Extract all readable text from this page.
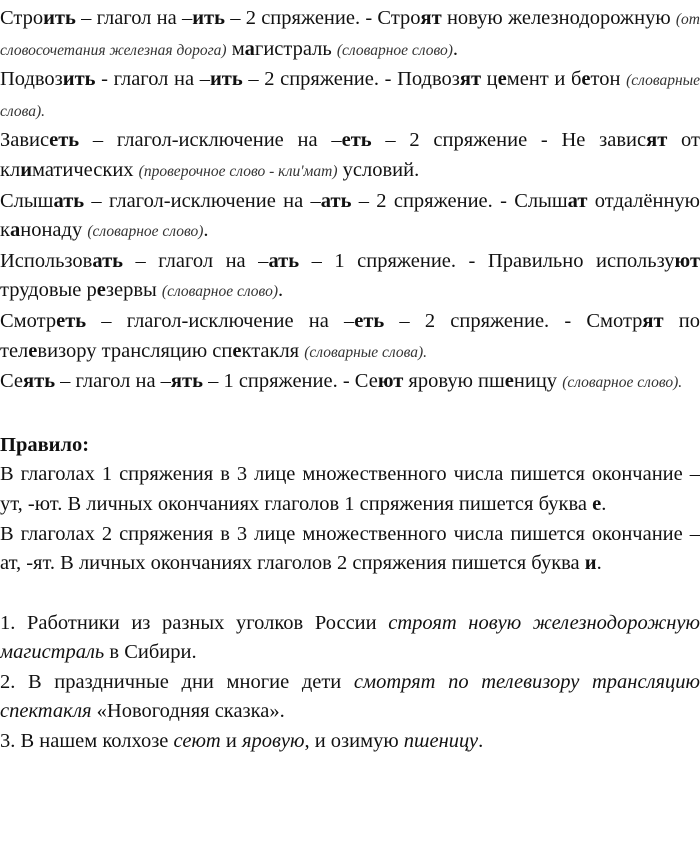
Строить – глагол на –ить – 2 спряжение. - Строят новую железнодорожную (от словосочетания железная дорога) магистраль (словарное слово).

Подвозить - глагол на –ить – 2 спряжение. - Подвозят цемент и бетон (словарные слова).

Зависеть – глагол-исключение на –еть – 2 спряжение - Не зависят от климатических (проверочное слово - кли'мат) условий.

Слышать – глагол-исключение на –ать – 2 спряжение. - Слышат отдалённую канонаду (словарное слово).

Использовать – глагол на –ать – 1 спряжение. - Правильно используют трудовые резервы (словарное слово).

Смотреть – глагол-исключение на –еть – 2 спряжение. - Смотрят по телевизору трансляцию спектакля (словарные слова).

Сеять – глагол на –ять – 1 спряжение. - Сеют яровую пшеницу (словарное слово).

Правило:

В глаголах 1 спряжения в 3 лице множественного числа пишется окончание –ут, -ют. В личных окончаниях глаголов 1 спряжения пишется буква е.

В глаголах 2 спряжения в 3 лице множественного числа пишется окончание –ат, -ят. В личных окончаниях глаголов 2 спряжения пишется буква и.

1. Работники из разных уголков России строят новую железнодорожную магистраль в Сибири.

2. В праздничные дни многие дети смотрят по телевизору трансляцию спектакля «Новогодняя сказка».

3. В нашем колхозе сеют и яровую, и озимую пшеницу.
